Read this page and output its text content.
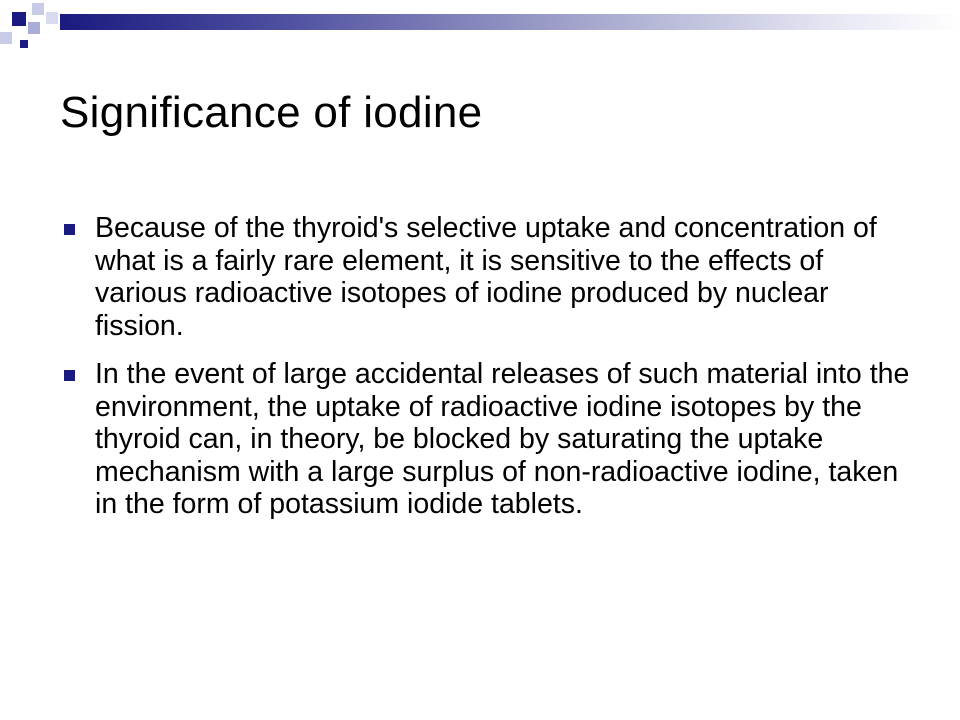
Significance of iodine
Because of the thyroid's selective uptake and concentration of what is a fairly rare element, it is sensitive to the effects of various radioactive isotopes of iodine produced by nuclear fission.
In the event of large accidental releases of such material into the environment, the uptake of radioactive iodine isotopes by the thyroid can, in theory, be blocked by saturating the uptake mechanism with a large surplus of non-radioactive iodine, taken in the form of potassium iodide tablets.
